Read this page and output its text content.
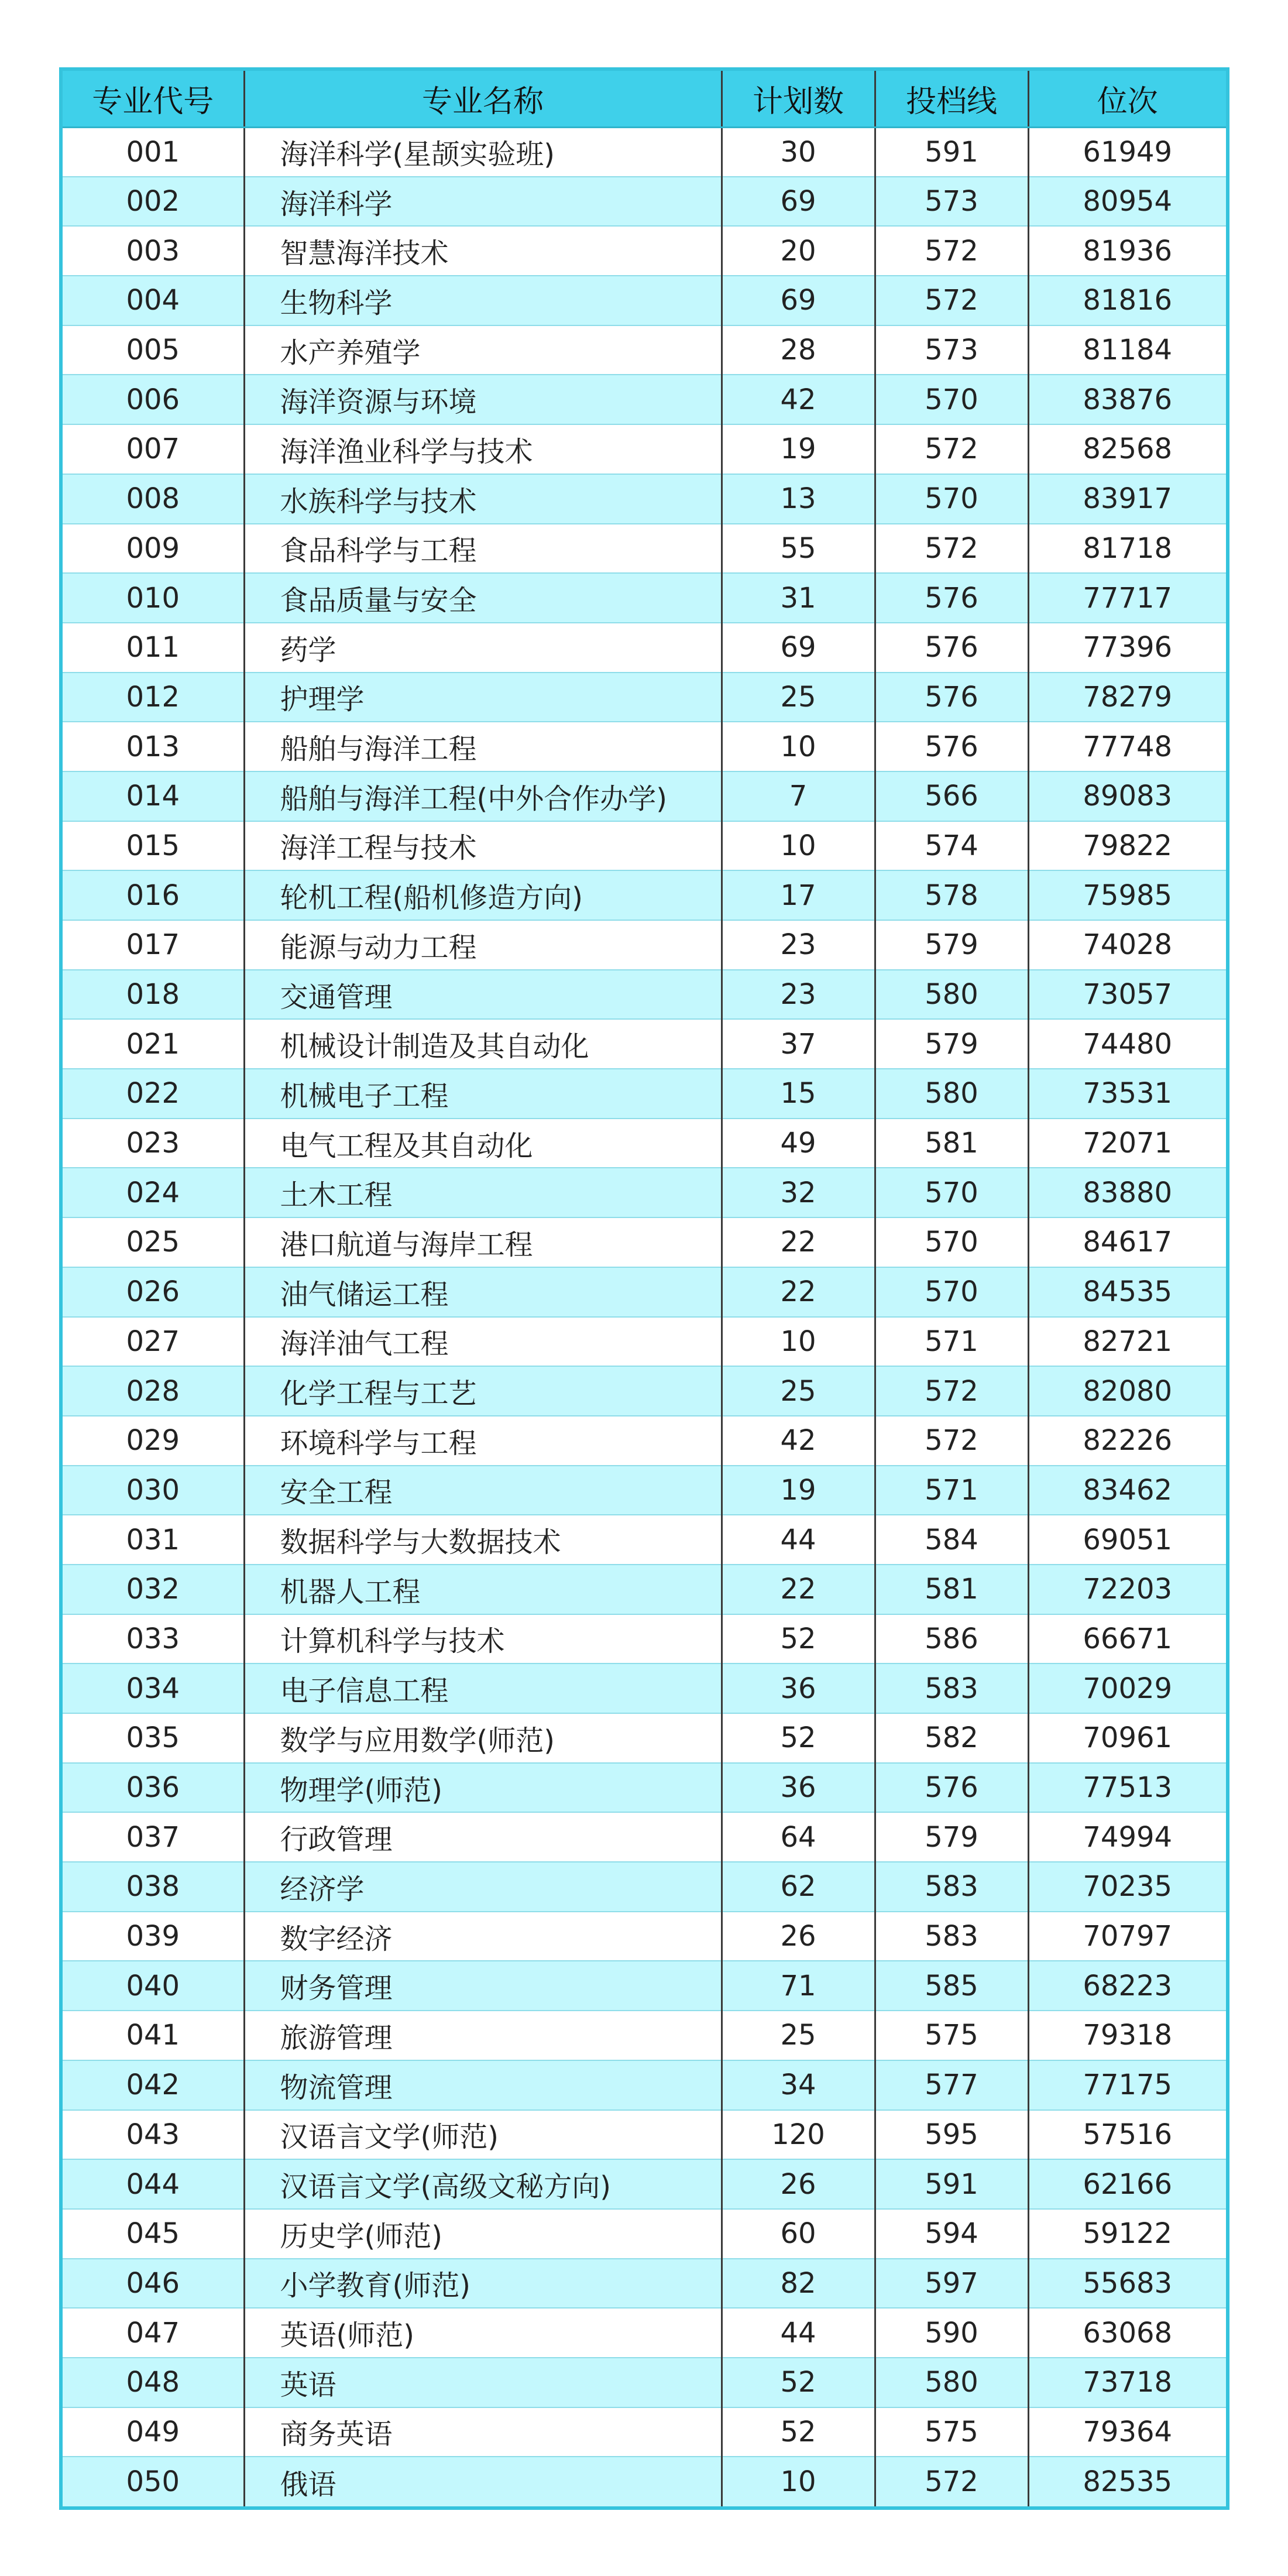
专业代号	专业名称	计划数	投档线	位次
001	海洋科学(星颉实验班)	30	591	61949
002	海洋科学	69	573	80954
003	智慧海洋技术	20	572	81936
004	生物科学	69	572	81816
005	水产养殖学	28	573	81184
006	海洋资源与环境	42	570	83876
007	海洋渔业科学与技术	19	572	82568
008	水族科学与技术	13	570	83917
009	食品科学与工程	55	572	81718
010	食品质量与安全	31	576	77717
011	药学	69	576	77396
012	护理学	25	576	78279
013	船舶与海洋工程	10	576	77748
014	船舶与海洋工程(中外合作办学)	7	566	89083
015	海洋工程与技术	10	574	79822
016	轮机工程(船机修造方向)	17	578	75985
017	能源与动力工程	23	579	74028
018	交通管理	23	580	73057
021	机械设计制造及其自动化	37	579	74480
022	机械电子工程	15	580	73531
023	电气工程及其自动化	49	581	72071
024	土木工程	32	570	83880
025	港口航道与海岸工程	22	570	84617
026	油气储运工程	22	570	84535
027	海洋油气工程	10	571	82721
028	化学工程与工艺	25	572	82080
029	环境科学与工程	42	572	82226
030	安全工程	19	571	83462
031	数据科学与大数据技术	44	584	69051
032	机器人工程	22	581	72203
033	计算机科学与技术	52	586	66671
034	电子信息工程	36	583	70029
035	数学与应用数学(师范)	52	582	70961
036	物理学(师范)	36	576	77513
037	行政管理	64	579	74994
038	经济学	62	583	70235
039	数字经济	26	583	70797
040	财务管理	71	585	68223
041	旅游管理	25	575	79318
042	物流管理	34	577	77175
043	汉语言文学(师范)	120	595	57516
044	汉语言文学(高级文秘方向)	26	591	62166
045	历史学(师范)	60	594	59122
046	小学教育(师范)	82	597	55683
047	英语(师范)	44	590	63068
048	英语	52	580	73718
049	商务英语	52	575	79364
050	俄语	10	572	82535
